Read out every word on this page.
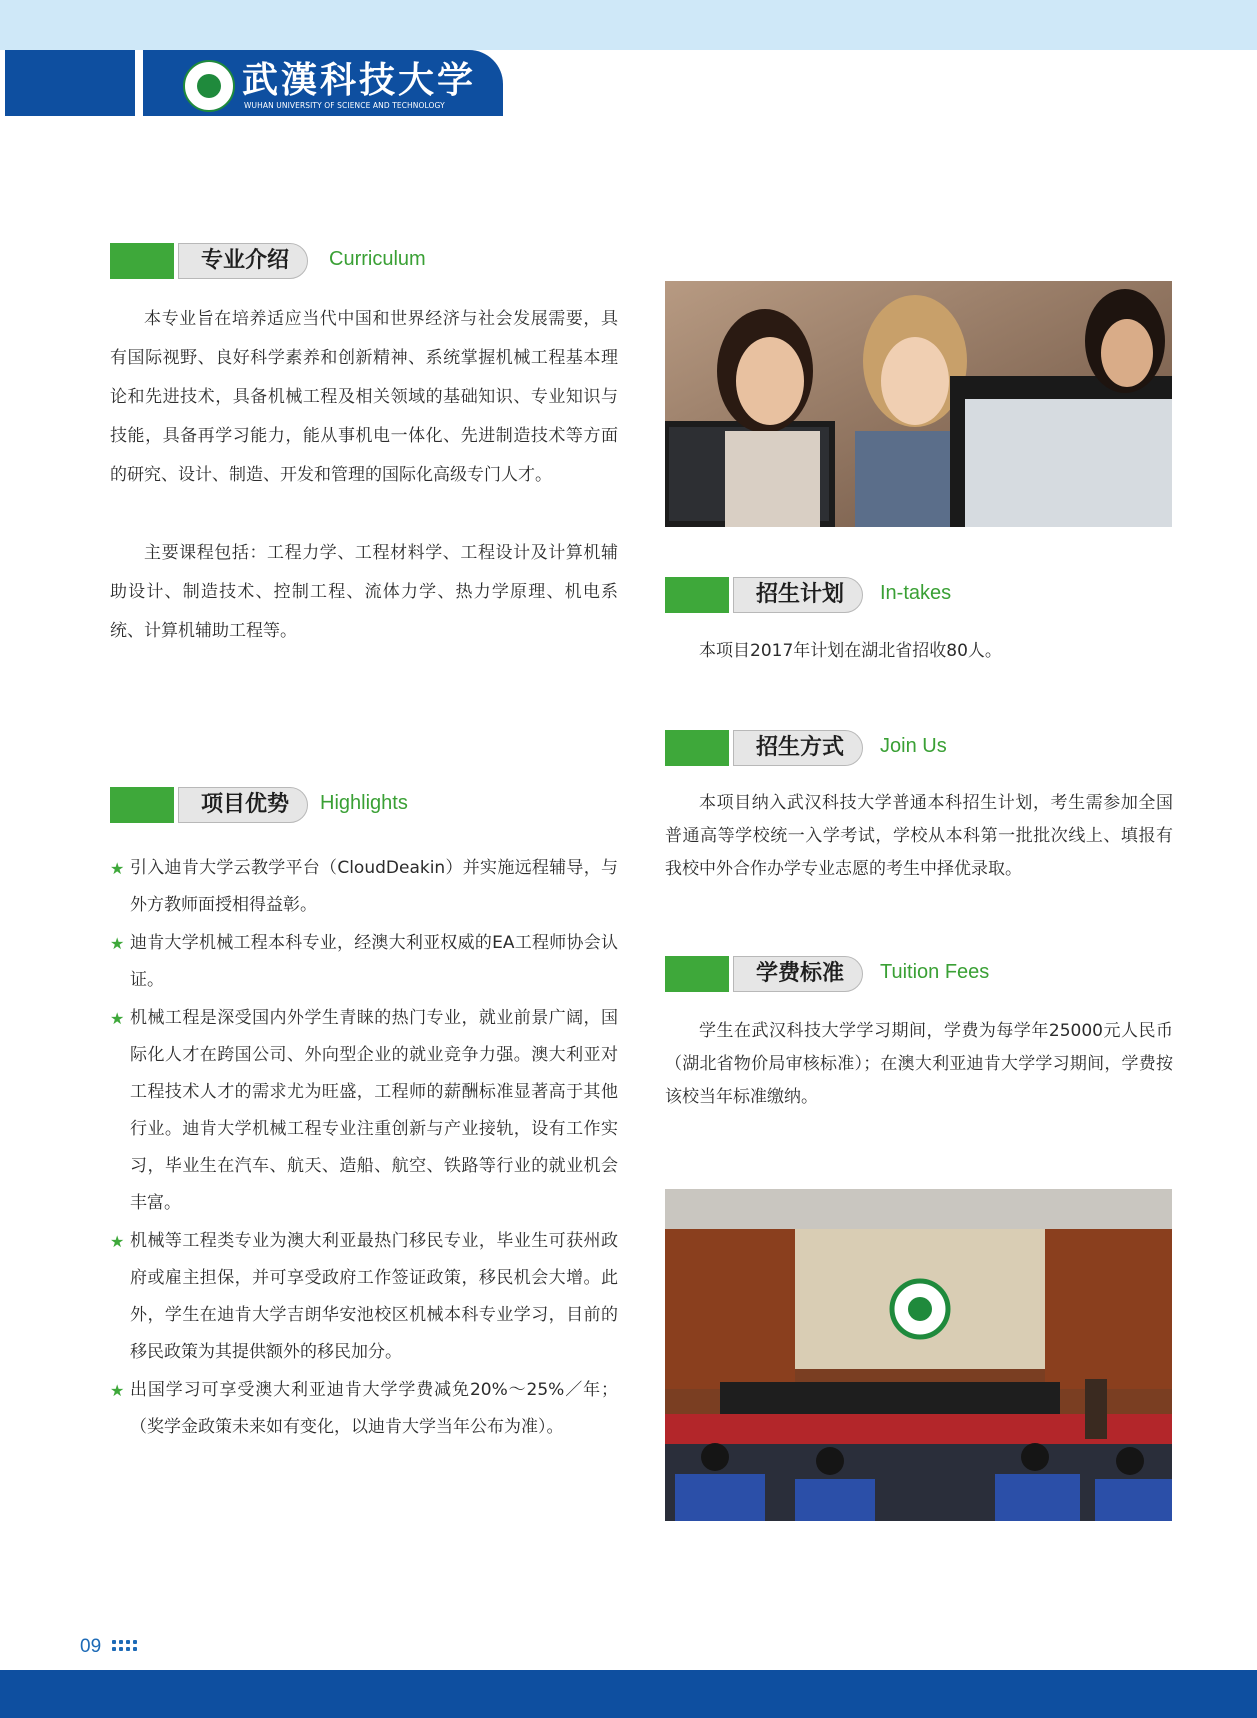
武漢科技大学
WUHAN UNIVERSITY OF SCIENCE AND TECHNOLOGY
专业介绍	Curriculum

本专业旨在培养适应当代中国和世界经济与社会发展需要，具有国际视野、良好科学素养和创新精神、系统掌握机械工程基本理论和先进技术，具备机械工程及相关领域的基础知识、专业知识与技能，具备再学习能力，能从事机电一体化、先进制造技术等方面的研究、设计、制造、开发和管理的国际化高级专门人才。

主要课程包括：工程力学、工程材料学、工程设计及计算机辅助设计、制造技术、控制工程、流体力学、热力学原理、机电系统、计算机辅助工程等。

项目优势	Highlights
★ 引入迪肯大学云教学平台（CloudDeakin）并实施远程辅导，与外方教师面授相得益彰。
★ 迪肯大学机械工程本科专业，经澳大利亚权威的EA工程师协会认证。
★ 机械工程是深受国内外学生青睐的热门专业，就业前景广阔，国际化人才在跨国公司、外向型企业的就业竞争力强。澳大利亚对工程技术人才的需求尤为旺盛，工程师的薪酬标准显著高于其他行业。迪肯大学机械工程专业注重创新与产业接轨，设有工作实习，毕业生在汽车、航天、造船、航空、铁路等行业的就业机会丰富。
★ 机械等工程类专业为澳大利亚最热门移民专业，毕业生可获州政府或雇主担保，并可享受政府工作签证政策，移民机会大增。此外，学生在迪肯大学吉朗华安池校区机械本科专业学习，目前的移民政策为其提供额外的移民加分。
★ 出国学习可享受澳大利亚迪肯大学学费减免20%～25%／年；（奖学金政策未来如有变化，以迪肯大学当年公布为准）。
招生计划	In-takes

本项目2017年计划在湖北省招收80人。

招生方式	Join Us

本项目纳入武汉科技大学普通本科招生计划，考生需参加全国普通高等学校统一入学考试，学校从本科第一批批次线上、填报有我校中外合作办学专业志愿的考生中择优录取。

学费标准	Tuition Fees

学生在武汉科技大学学习期间，学费为每学年25000元人民币（湖北省物价局审核标准）；在澳大利亚迪肯大学学习期间，学费按该校当年标准缴纳。

09
